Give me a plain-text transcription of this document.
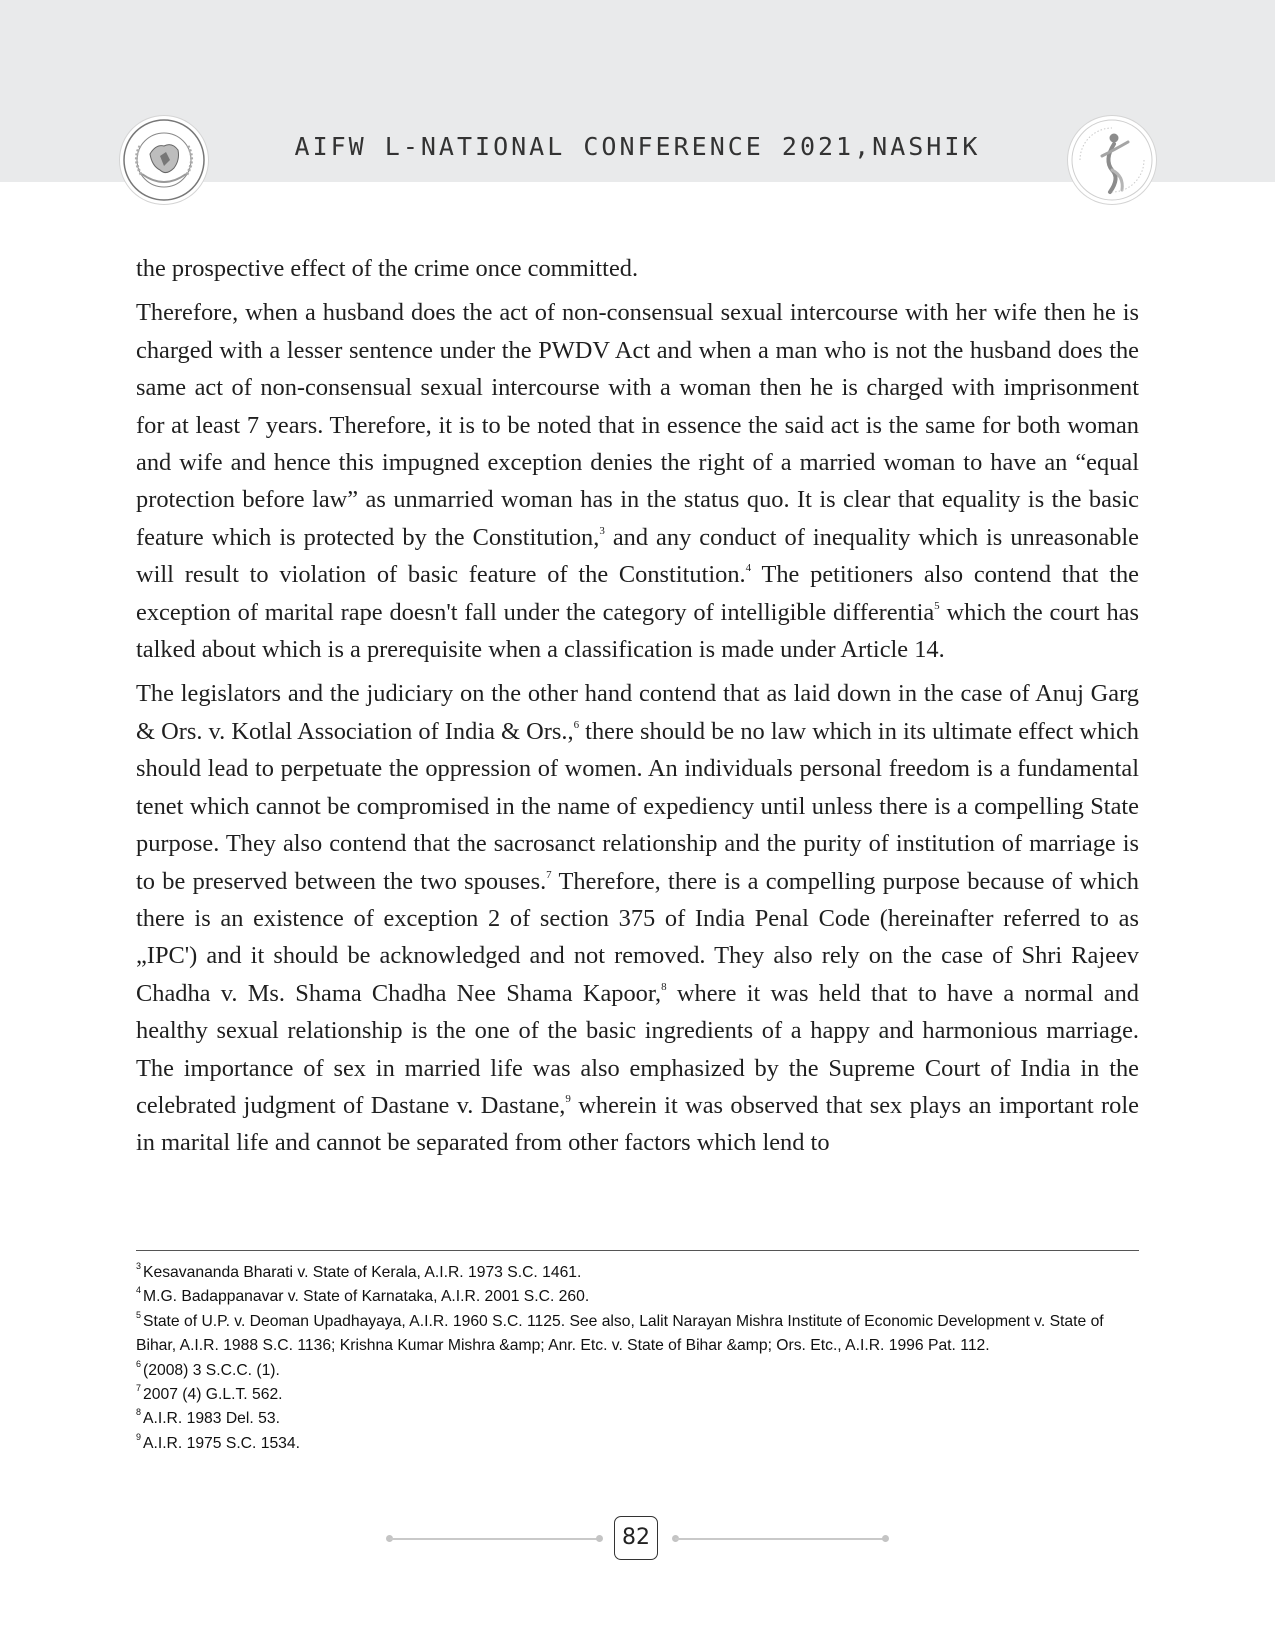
AIFW L-NATIONAL CONFERENCE 2021,NASHIK

the prospective effect of the crime once committed.

Therefore, when a husband does the act of non-consensual sexual intercourse with her wife then he is charged with a lesser sentence under the PWDV Act and when a man who is not the husband does the same act of non-consensual sexual intercourse with a woman then he is charged with imprisonment for at least 7 years. Therefore, it is to be noted that in essence the said act is the same for both woman and wife and hence this impugned exception denies the right of a married woman to have an “equal protection before law” as unmarried woman has in the status quo. It is clear that equality is the basic feature which is protected by the Constitution,$^3$ and any conduct of inequality which is unreasonable will result to violation of basic feature of the Constitution.$^4$ The petitioners also contend that the exception of marital rape doesn't fall under the category of intelligible differentia$^5$ which the court has talked about which is a prerequisite when a classification is made under Article 14.

The legislators and the judiciary on the other hand contend that as laid down in the case of Anuj Garg & Ors. v. Kotlal Association of India & Ors.,$^6$ there should be no law which in its ultimate effect which should lead to perpetuate the oppression of women. An individuals personal freedom is a fundamental tenet which cannot be compromised in the name of expediency until unless there is a compelling State purpose. They also contend that the sacrosanct relationship and the purity of institution of marriage is to be preserved between the two spouses.$^7$ Therefore, there is a compelling purpose because of which there is an existence of exception 2 of section 375 of India Penal Code (hereinafter referred to as „IPC') and it should be acknowledged and not removed. They also rely on the case of Shri Rajeev Chadha v. Ms. Shama Chadha Nee Shama Kapoor,$^8$ where it was held that to have a normal and healthy sexual relationship is the one of the basic ingredients of a happy and harmonious marriage. The importance of sex in married life was also emphasized by the Supreme Court of India in the celebrated judgment of Dastane v. Dastane,$^9$ wherein it was observed that sex plays an important role in marital life and cannot be separated from other factors which lend to

$^3$ Kesavananda Bharati v. State of Kerala, A.I.R. 1973 S.C. 1461.
$^4$ M.G. Badappanavar v. State of Karnataka, A.I.R. 2001 S.C. 260.
$^5$ State of U.P. v. Deoman Upadhayaya, A.I.R. 1960 S.C. 1125. See also, Lalit Narayan Mishra Institute of Economic Development v. State of Bihar, A.I.R. 1988 S.C. 1136; Krishna Kumar Mishra &amp; Anr. Etc. v. State of Bihar &amp; Ors. Etc., A.I.R. 1996 Pat. 112.
$^6$ (2008) 3 S.C.C. (1).
$^7$ 2007 (4) G.L.T. 562.
$^8$ A.I.R. 1983 Del. 53.
$^9$ A.I.R. 1975 S.C. 1534.
82
